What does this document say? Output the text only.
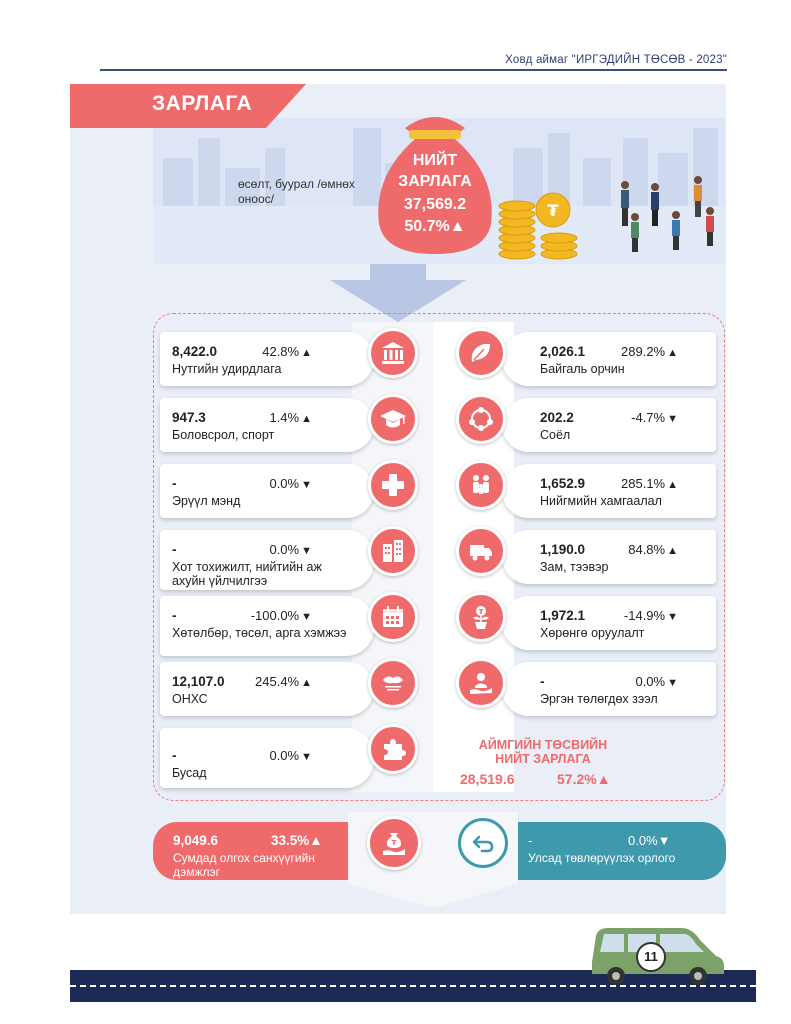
Ховд аймаг "ИРГЭДИЙН ТӨСӨВ - 2023"
ЗАРЛАГА
өсөлт, буурал /өмнөх оноос/
НИЙТ
ЗАРЛАГА
37,569.2
50.7%▲
₮
8,422.0	42.8% ▲
Нутгийн удирдлага
947.3	1.4% ▲
Боловсрол, спорт
-	0.0% ▼
Эрүүл мэнд
-	0.0% ▼
Хот тохижилт, нийтийн аж ахуйн үйлчилгээ
-	-100.0% ▼
Хөтөлбөр, төсөл, арга хэмжээ
12,107.0 245.4% ▲
ОНХС
-	0.0% ▼
Бусад
2,026.1	289.2% ▲
Байгаль орчин
202.2	-4.7% ▼
Соёл
1,652.9	285.1% ▲
Нийгмийн хамгаалал
1,190.0	84.8% ▲
Зам, тээвэр
1,972.1	-14.9% ▼
Хөрөнгө оруулалт
-	0.0% ▼
Эргэн төлөгдөх зээл
₮
АЙМГИЙН ТӨСВИЙН
НИЙТ ЗАРЛАГА
28,519.6	57.2%▲
9,049.6	33.5%▲
Сумдад олгох санхүүгийн дэмжлэг
-	0.0%▼
Улсад төвлөрүүлэх орлого
₮
11
